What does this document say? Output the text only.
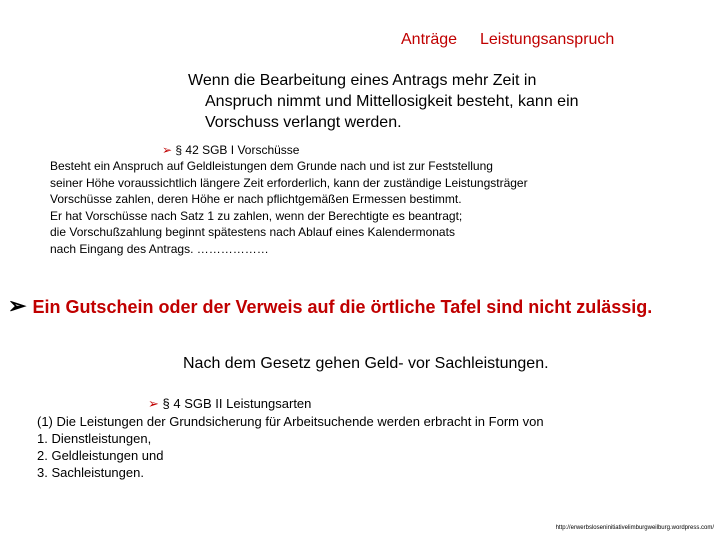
Anträge Leistungsanspruch
Wenn die Bearbeitung eines Antrags mehr Zeit in
Anspruch nimmt und Mittellosigkeit besteht, kann ein
Vorschuss verlangt werden.
➢ § 42 SGB I Vorschüsse
Besteht ein Anspruch auf Geldleistungen dem Grunde nach und ist zur Feststellung
seiner Höhe voraussichtlich längere Zeit erforderlich, kann der zuständige Leistungsträger
Vorschüsse zahlen, deren Höhe er nach pflichtgemäßen Ermessen bestimmt.
Er hat Vorschüsse nach Satz 1 zu zahlen, wenn der Berechtigte es beantragt;
die Vorschußzahlung beginnt spätestens nach Ablauf eines Kalendermonats
nach Eingang des Antrags. ………………
➢ Ein Gutschein oder der Verweis auf die örtliche Tafel sind nicht zulässig.
Nach dem Gesetz gehen Geld- vor Sachleistungen.
➢ § 4 SGB II Leistungsarten
(1) Die Leistungen der Grundsicherung für Arbeitsuchende werden erbracht in Form von
1. Dienstleistungen,
2. Geldleistungen und
3. Sachleistungen.
http://erwerbsloseninitiativelimburgweilburg.wordpress.com/
